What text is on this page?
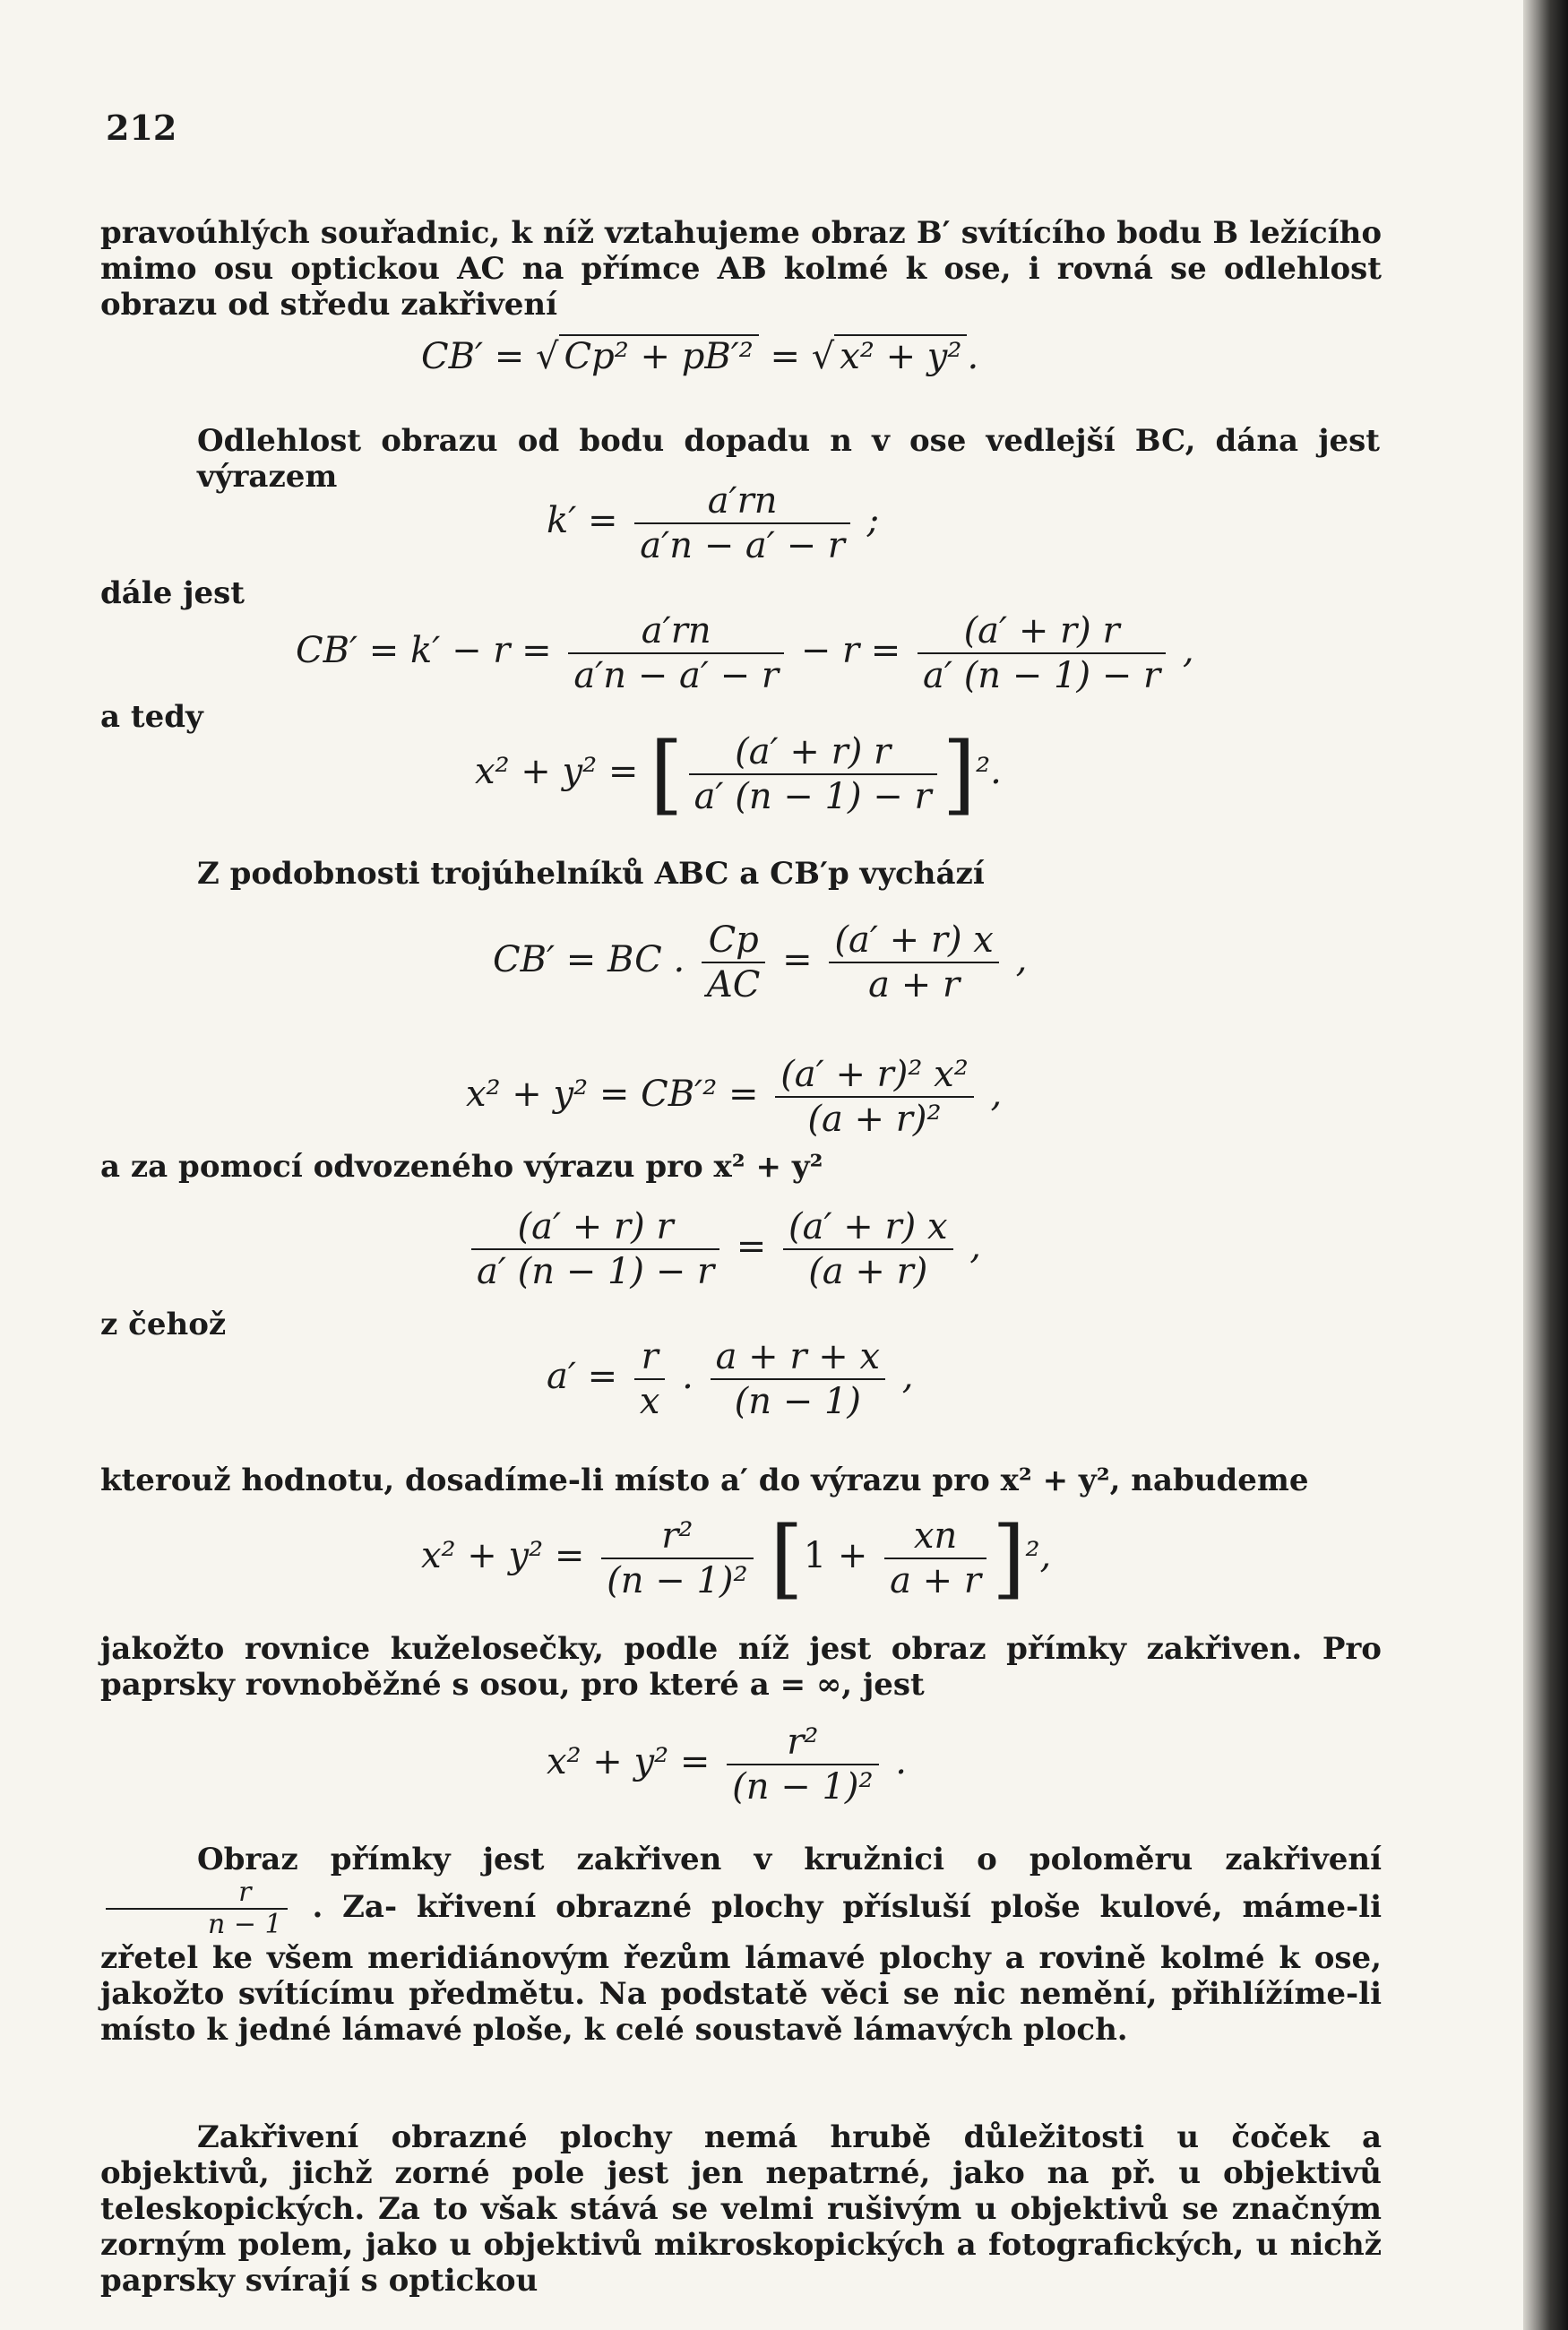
212
pravoúhlých souřadnic, k níž vztahujeme obraz B′ svítícího bodu B ležícího mimo osu optickou AC na přímce AB kolmé k ose, i rovná se odlehlost obrazu od středu zakřivení
CB′ = √ Cp² + pB′² = √ x² + y² .
Odlehlost obrazu od bodu dopadu n v ose vedlejší BC, dána jest výrazem
$k' = \frac{a'rn}{a'n - a' - r}$ ;
dále jest
$CB' = k' - r = \frac{a'rn}{a'n - a' - r} - r = \frac{(a' + r) r}{a' (n - 1) - r}$ ,
a tedy
x² + y² = [ $\frac{(a' + r) r}{a' (n - 1) - r} ]^2$.
Z podobnosti trojúhelníků ABC a CB′p vychází
CB′ = BC . $\frac{Cp}{AC} = \frac{(a' + r) x}{a + r}$ ,
$x^2 + y^2 = CB'^2 = \frac{\text{(a′ + r)² x²}}{\text{(a + r)²}}$ ,
a za pomocí odvozeného výrazu pro x² + y²
$\frac{(a' + r) r}{a' (n - 1) - r} = \frac{(a' + r) x}{(a + r)}$ ,
z čehož
$a' = \frac{r}{x}$ . $\frac{a + r + x}{(n - 1)}$ ,
kterouž hodnotu, dosadíme-li místo a′ do výrazu pro x² + y², nabudeme
$x^2 + y^2 = \frac{\text{r²}}{\text{(n − 1)²}} [1 + \frac{xn}{a + r} ]^2$,
jakožto rovnice kuželosečky, podle níž jest obraz přímky zakřiven. Pro paprsky rovnoběžné s osou, pro které a = ∞, jest
$x^2 + y^2 = \frac{\text{r²}}{\text{(n − 1)²}}$ .
Obraz přímky jest zakřiven v kružnici o poloměru zakřivení
$\frac{r}{n - 1}$ . Za- křivení obrazné plochy přísluší ploše kulové, máme-li zřetel ke všem meridiánovým řezům lámavé plochy a rovině kolmé k ose, jakožto svítícímu předmětu. Na podstatě věci se nic nemění, přihlížíme-li místo k jedné lámavé ploše, k celé soustavě lámavých ploch.
Zakřivení obrazné plochy nemá hrubě důležitosti u čoček a objektivů, jichž zorné pole jest jen nepatrné, jako na př. u objektivů teleskopických. Za to však stává se velmi rušivým u objektivů se značným zorným polem, jako u objektivů mikroskopických a fotografických, u nichž paprsky svírají s optickou
